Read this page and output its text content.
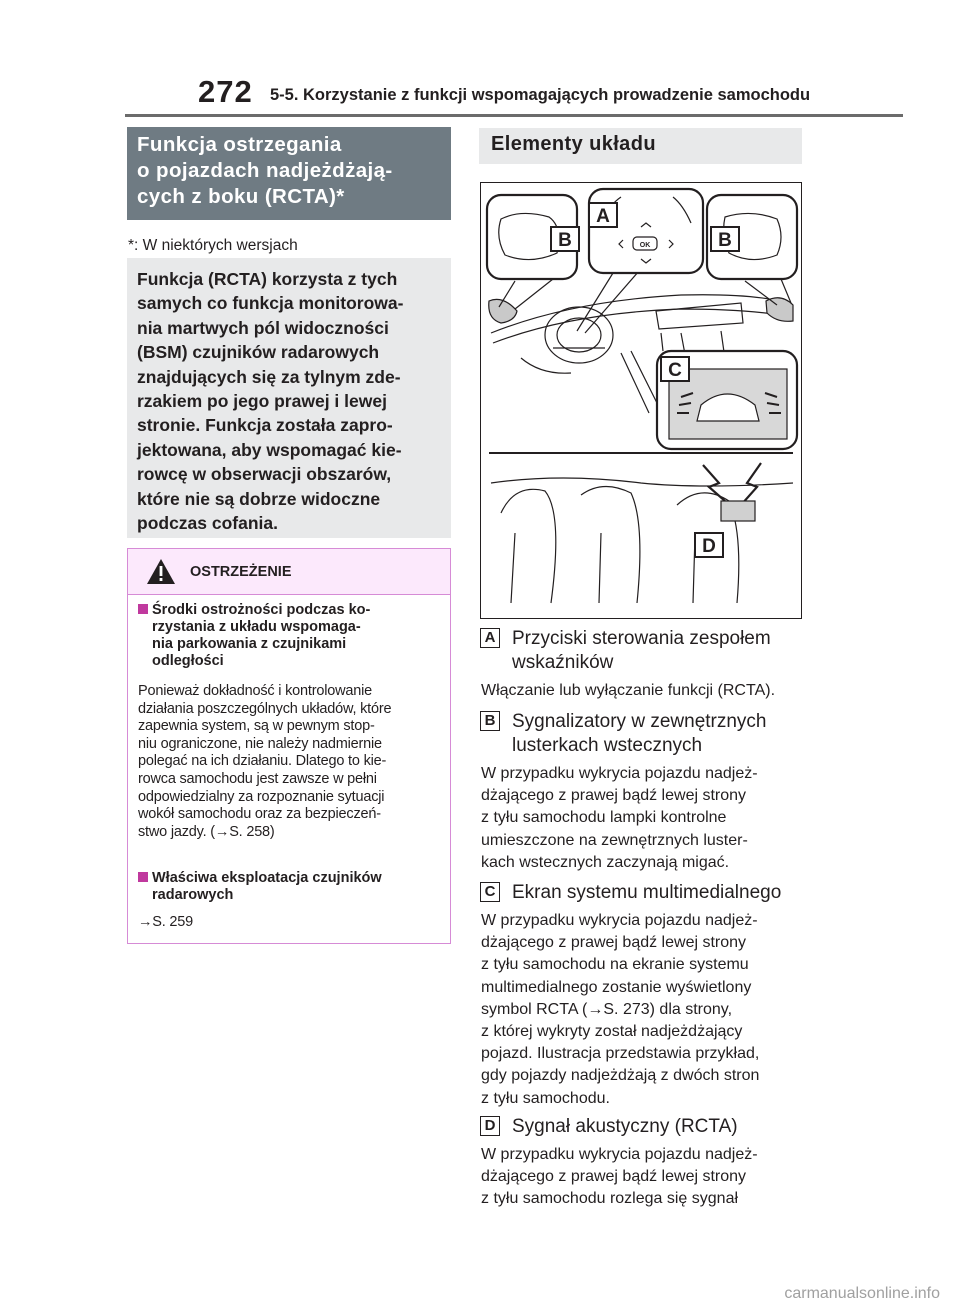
272 5-5. Korzystanie z funkcji wspomagających prowadzenie samochodu
Funkcja ostrzegania
o pojazdach nadjeżdżają-
cych z boku (RCTA)*
*: W niektórych wersjach
Funkcja (RCTA) korzysta z tych
samych co funkcja monitorowa-
nia martwych pól widoczności
(BSM) czujników radarowych
znajdujących się za tylnym zde-
rzakiem po jego prawej i lewej
stronie. Funkcja została zapro-
jektowana, aby wspomagać kie-
rowcę w obserwacji obszarów,
które nie są dobrze widoczne
podczas cofania.
OSTRZEŻENIE
Środki ostrożności podczas ko-
rzystania z układu wspomaga-
nia parkowania z czujnikami
odległości
Ponieważ dokładność i kontrolowanie
działania poszczególnych układów, które
zapewnia system, są w pewnym stop-
niu ograniczone, nie należy nadmiernie
polegać na ich działaniu. Dlatego to kie-
rowca samochodu jest zawsze w pełni
odpowiedzialny za rozpoznanie sytuacji
wokół samochodu oraz za bezpieczeń-
stwo jazdy. (→S. 258)
Właściwa eksploatacja czujników
radarowych
→S. 259
Elementy układu
A
B	B
C
D
OK
A Przyciski sterowania zespołem
wskaźników
Włączanie lub wyłączanie funkcji (RCTA).
B Sygnalizatory w zewnętrznych
lusterkach wstecznych
W przypadku wykrycia pojazdu nadjeż-
dżającego z prawej bądź lewej strony
z tyłu samochodu lampki kontrolne
umieszczone na zewnętrznych luster-
kach wstecznych zaczynają migać.
C Ekran systemu multimedialnego
W przypadku wykrycia pojazdu nadjeż-
dżającego z prawej bądź lewej strony
z tyłu samochodu na ekranie systemu
multimedialnego zostanie wyświetlony
symbol RCTA (→S. 273) dla strony,
z której wykryty został nadjeżdżający
pojazd. Ilustracja przedstawia przykład,
gdy pojazdy nadjeżdżają z dwóch stron
z tyłu samochodu.
D Sygnał akustyczny (RCTA)
W przypadku wykrycia pojazdu nadjeż-
dżającego z prawej bądź lewej strony
z tyłu samochodu rozlega się sygnał
carmanualsonline.info
